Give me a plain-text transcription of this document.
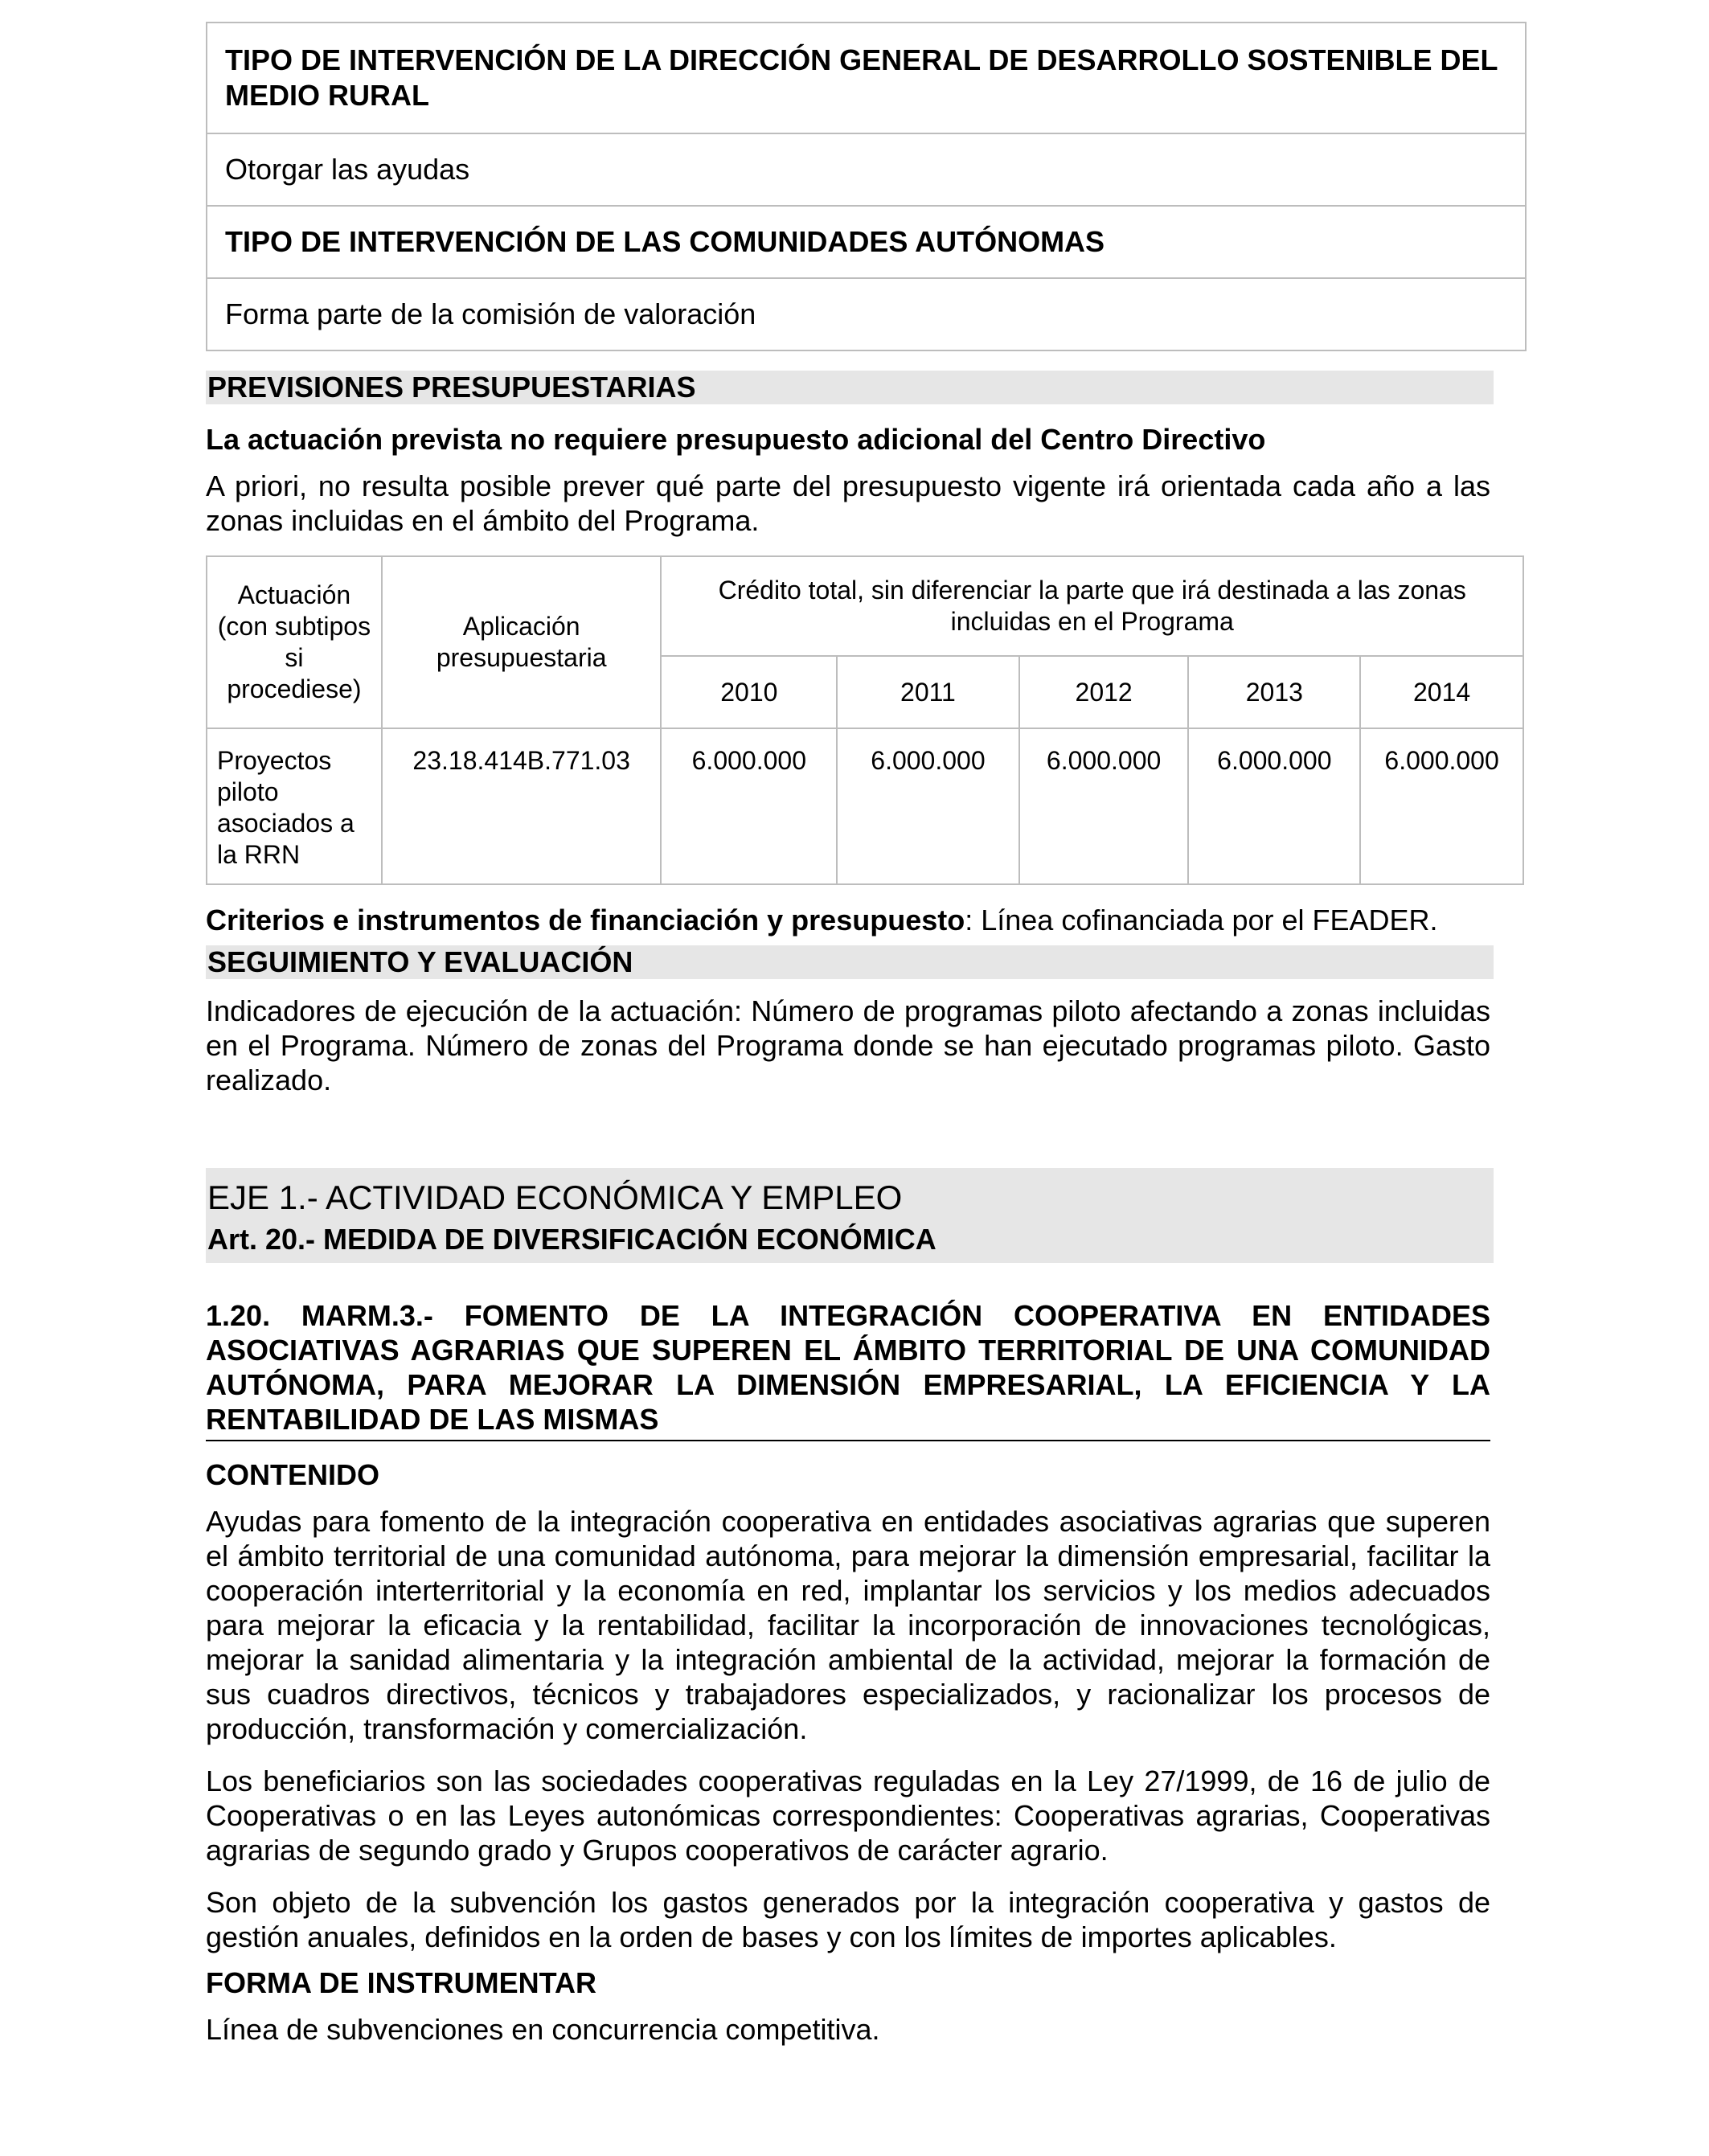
TIPO DE INTERVENCIÓN DE LA DIRECCIÓN GENERAL DE DESARROLLO SOSTENIBLE DEL MEDIO RURAL
Otorgar las ayudas
TIPO DE INTERVENCIÓN DE LAS COMUNIDADES AUTÓNOMAS
Forma parte de la comisión de valoración
PREVISIONES PRESUPUESTARIAS
La actuación prevista no requiere presupuesto adicional del Centro Directivo

A priori, no resulta posible prever qué parte del presupuesto vigente irá orientada cada año a las zonas incluidas en el ámbito del Programa.

Actuación (con subtipos si procediese)	Aplicación presupuestaria	Crédito total, sin diferenciar la parte que irá destinada a las zonas incluidas en el Programa				
		2010	2011	2012	2013	2014
Proyectos piloto asociados a la RRN	23.18.414B.771.03	6.000.000	6.000.000	6.000.000	6.000.000	6.000.000

Criterios e instrumentos de financiación y presupuesto: Línea cofinanciada por el FEADER.

SEGUIMIENTO Y EVALUACIÓN

Indicadores de ejecución de la actuación: Número de programas piloto afectando a zonas incluidas en el Programa. Número de zonas del Programa donde se han ejecutado programas piloto. Gasto realizado.

EJE 1.- ACTIVIDAD ECONÓMICA Y EMPLEO
Art. 20.- MEDIDA DE DIVERSIFICACIÓN ECONÓMICA
1.20. MARM.3.- FOMENTO DE LA INTEGRACIÓN COOPERATIVA EN ENTIDADES ASOCIATIVAS AGRARIAS QUE SUPEREN EL ÁMBITO TERRITORIAL DE UNA COMUNIDAD AUTÓNOMA, PARA MEJORAR LA DIMENSIÓN EMPRESARIAL, LA EFICIENCIA Y LA RENTABILIDAD DE LAS MISMAS
CONTENIDO

Ayudas para fomento de la integración cooperativa en entidades asociativas agrarias que superen el ámbito territorial de una comunidad autónoma, para mejorar la dimensión empresarial, facilitar la cooperación interterritorial y la economía en red, implantar los servicios y los medios adecuados para mejorar la eficacia y la rentabilidad, facilitar la incorporación de innovaciones tecnológicas, mejorar la sanidad alimentaria y la integración ambiental de la actividad, mejorar la formación de sus cuadros directivos, técnicos y trabajadores especializados, y racionalizar los procesos de producción, transformación y comercialización.

Los beneficiarios son las sociedades cooperativas reguladas en la Ley 27/1999, de 16 de julio de Cooperativas o en las Leyes autonómicas correspondientes: Cooperativas agrarias, Cooperativas agrarias de segundo grado y Grupos cooperativos de carácter agrario.

Son objeto de la subvención los gastos generados por la integración cooperativa y gastos de gestión anuales, definidos en la orden de bases y con los límites de importes aplicables.

FORMA DE INSTRUMENTAR

Línea de subvenciones en concurrencia competitiva.
